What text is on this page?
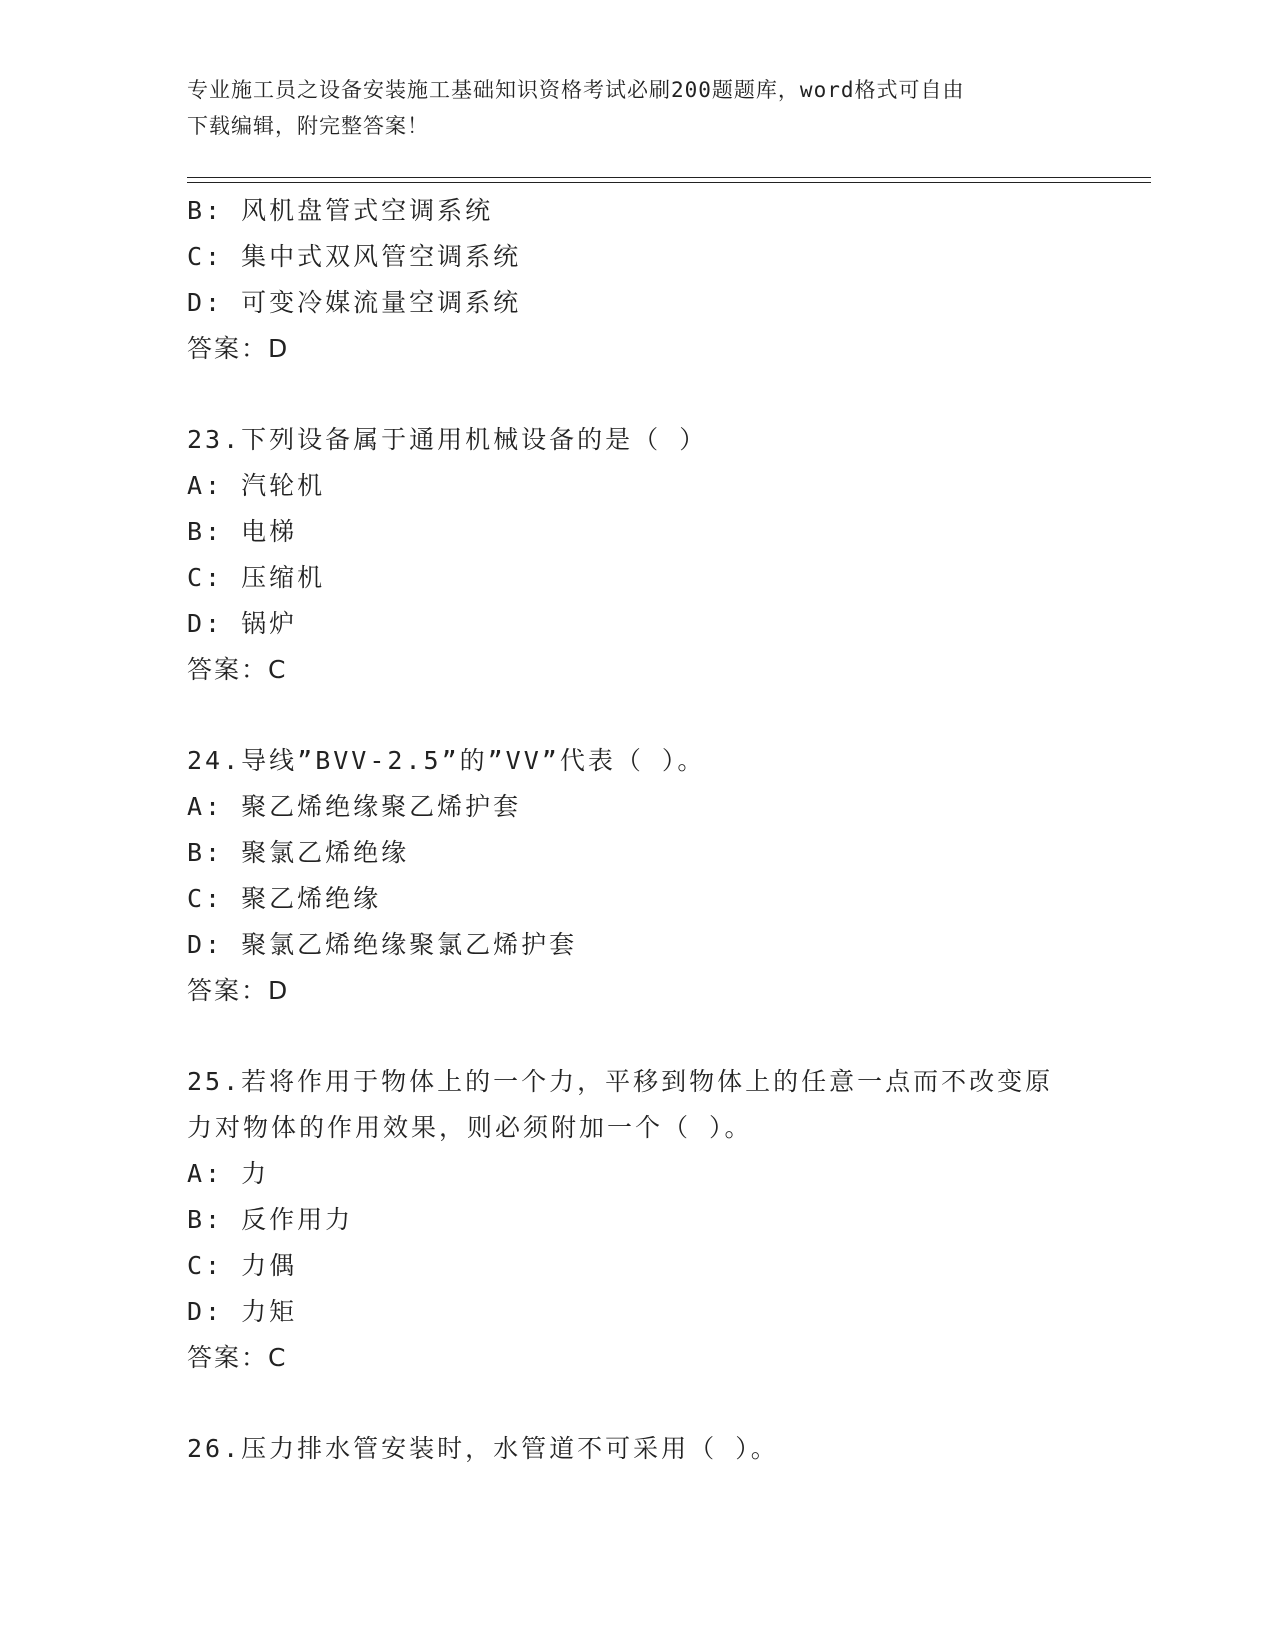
专业施工员之设备安装施工基础知识资格考试必刷200题题库，word格式可自由
下载编辑，附完整答案！
B: 风机盘管式空调系统
C: 集中式双风管空调系统
D: 可变冷媒流量空调系统
答案：D
23.下列设备属于通用机械设备的是（ ）
A: 汽轮机
B: 电梯
C: 压缩机
D: 锅炉
答案：C
24.导线”BVV-2.5”的”VV”代表（ ）。
A: 聚乙烯绝缘聚乙烯护套
B: 聚氯乙烯绝缘
C: 聚乙烯绝缘
D: 聚氯乙烯绝缘聚氯乙烯护套
答案：D
25.若将作用于物体上的一个力，平移到物体上的任意一点而不改变原
力对物体的作用效果，则必须附加一个（ ）。
A: 力
B: 反作用力
C: 力偶
D: 力矩
答案：C
26.压力排水管安装时，水管道不可采用（ ）。
